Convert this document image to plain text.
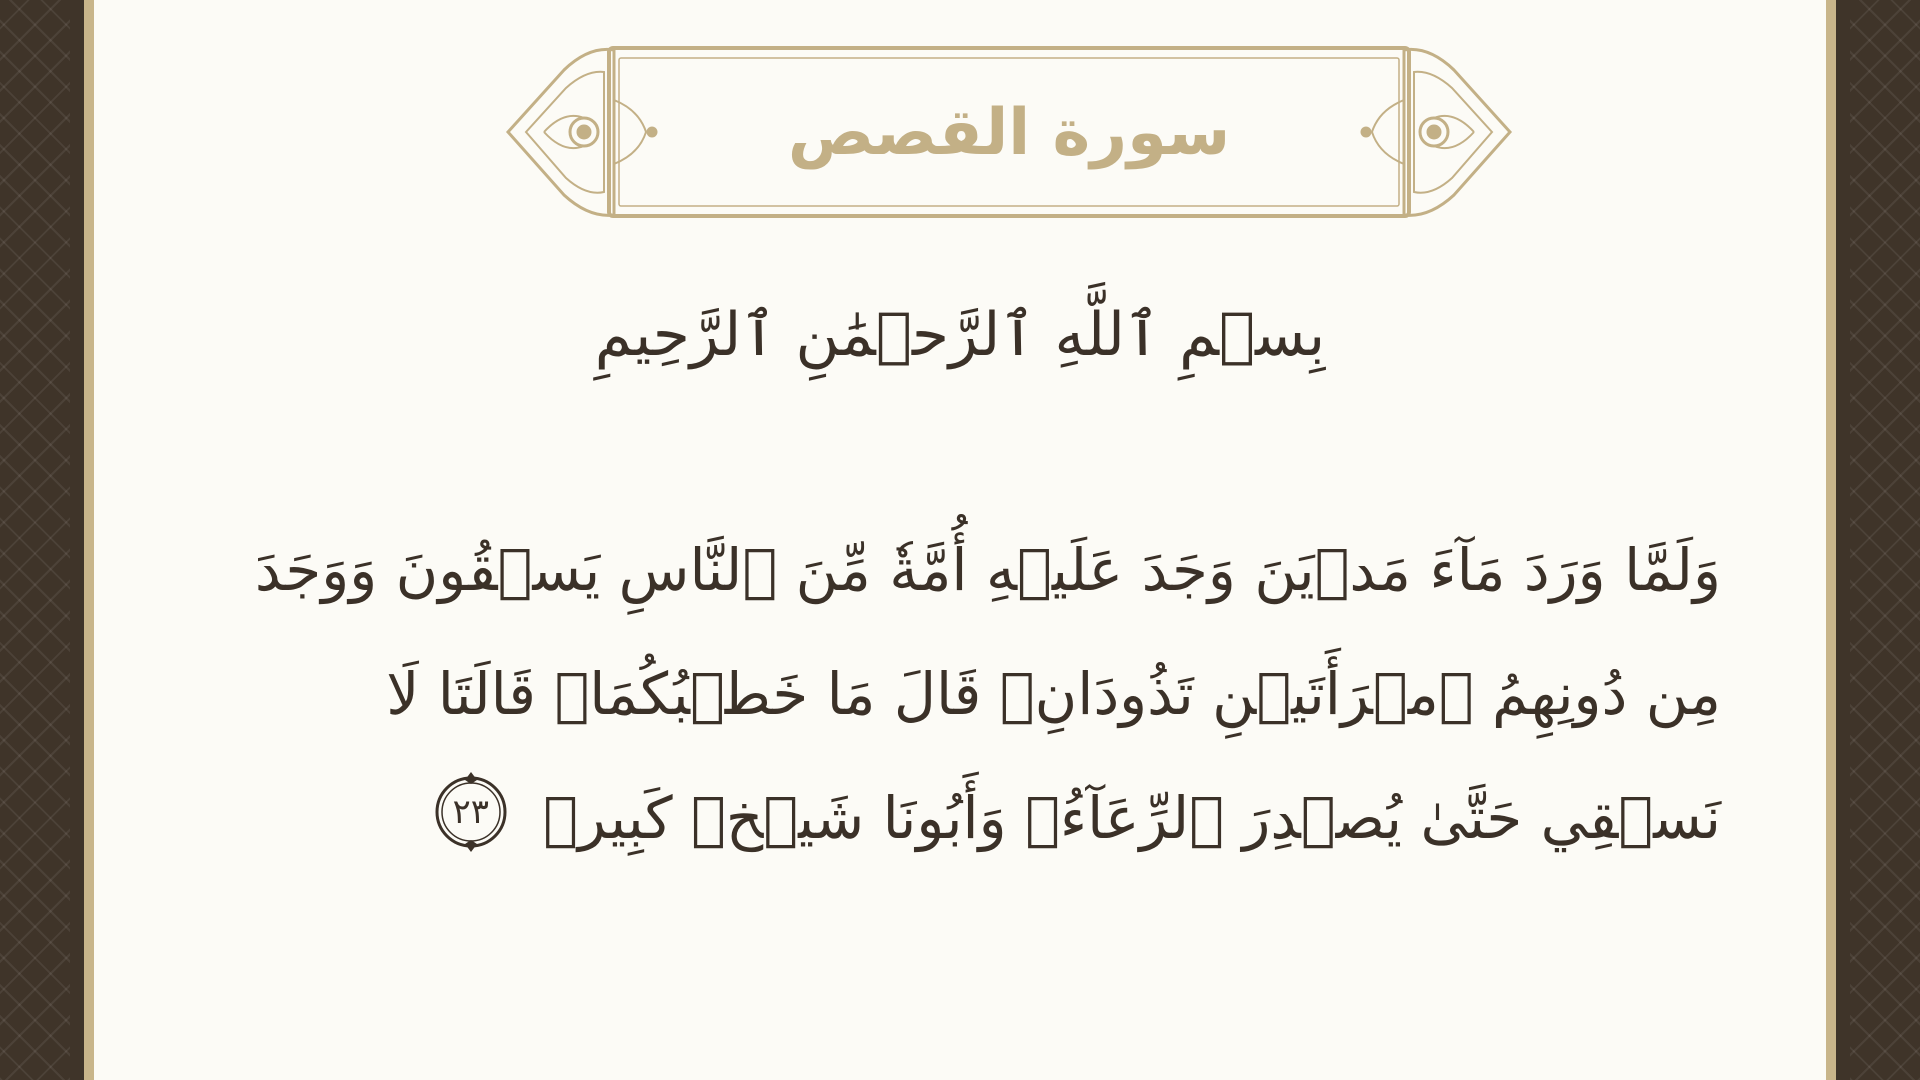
سورة القصص
بِسۡمِ ٱللَّهِ ٱلرَّحۡمَٰنِ ٱلرَّحِيمِ
وَلَمَّا وَرَدَ مَآءَ مَدۡيَنَ وَجَدَ عَلَيۡهِ أُمَّةٗ مِّنَ ٱلنَّاسِ يَسۡقُونَ وَوَجَدَ مِن دُونِهِمُ ٱمۡرَأَتَيۡنِ تَذُودَانِۖ قَالَ مَا خَطۡبُكُمَاۖ قَالَتَا لَا نَسۡقِي حَتَّىٰ يُصۡدِرَ ٱلرِّعَآءُۖ وَأَبُونَا شَيۡخٞ كَبِيرٞ
٢٣
